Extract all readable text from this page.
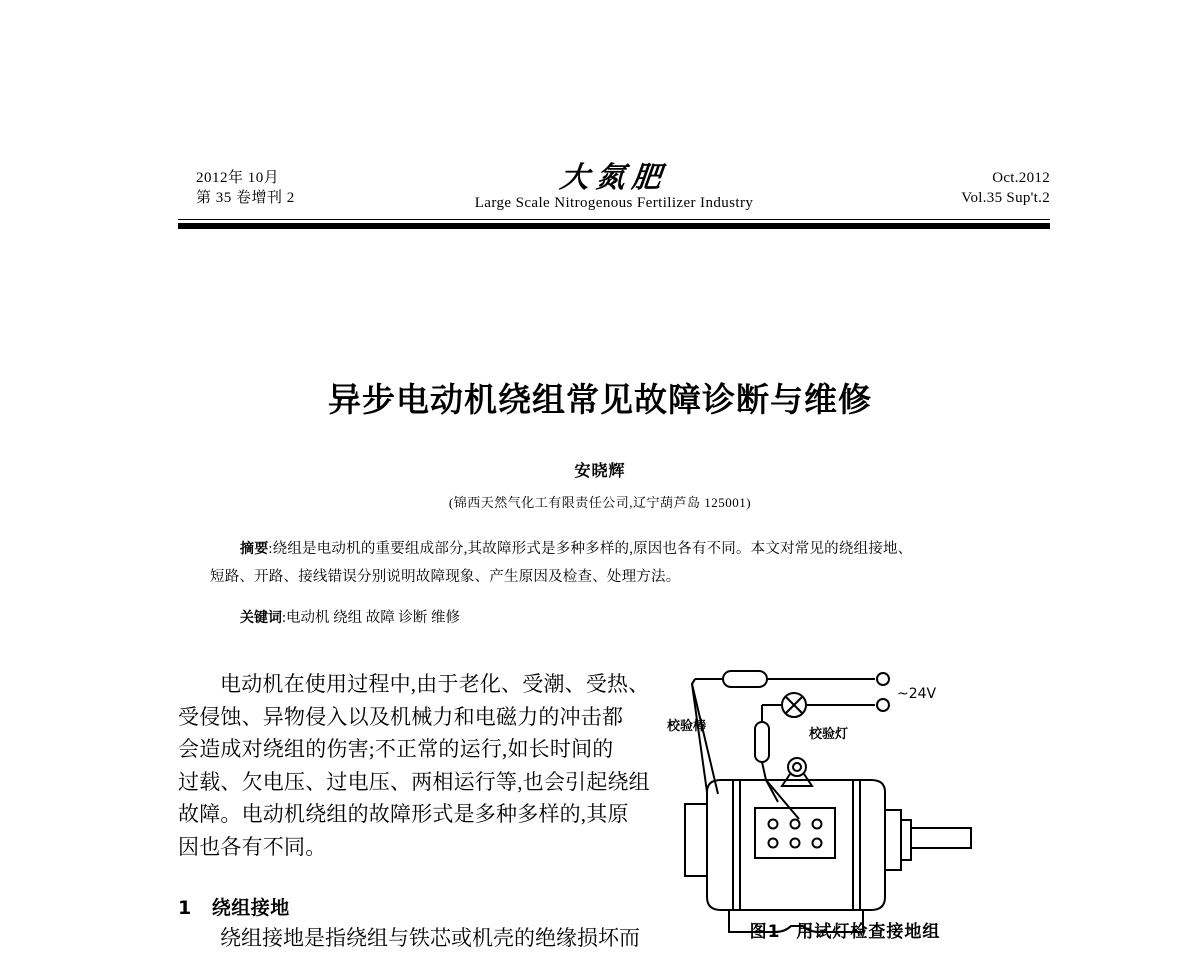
2012年 10月
第 35 卷增刊 2
大氮肥
Large Scale Nitrogenous Fertilizer Industry
Oct.2012
Vol.35 Sup't.2
异步电动机绕组常见故障诊断与维修
安晓辉
(锦西天然气化工有限责任公司,辽宁葫芦岛 125001)
摘要:绕组是电动机的重要组成部分,其故障形式是多种多样的,原因也各有不同。本文对常见的绕组接地、
短路、开路、接线错误分别说明故障现象、产生原因及检查、处理方法。
关键词:电动机 绕组 故障 诊断 维修
电动机在使用过程中,由于老化、受潮、受热、
受侵蚀、异物侵入以及机械力和电磁力的冲击都
会造成对绕组的伤害;不正常的运行,如长时间的
过载、欠电压、过电压、两相运行等,也会引起绕组
故障。电动机绕组的故障形式是多种多样的,其原
因也各有不同。
1 绕组接地
绕组接地是指绕组与铁芯或机壳的绝缘损坏而
校验棒
校验灯
~24V
图1 用试灯检查接地组
